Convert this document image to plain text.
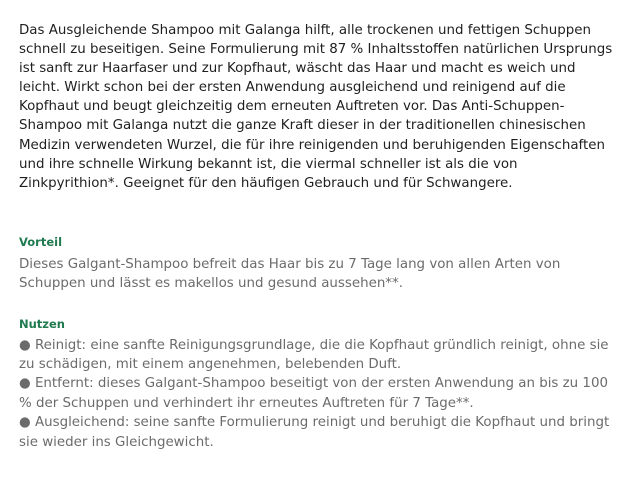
Das Ausgleichende Shampoo mit Galanga hilft, alle trockenen und fettigen Schuppen schnell zu beseitigen. Seine Formulierung mit 87 % Inhaltsstoffen natürlichen Ursprungs ist sanft zur Haarfaser und zur Kopfhaut, wäscht das Haar und macht es weich und leicht. Wirkt schon bei der ersten Anwendung ausgleichend und reinigend auf die Kopfhaut und beugt gleichzeitig dem erneuten Auftreten vor. Das Anti-Schuppen-Shampoo mit Galanga nutzt die ganze Kraft dieser in der traditionellen chinesischen Medizin verwendeten Wurzel, die für ihre reinigenden und beruhigenden Eigenschaften und ihre schnelle Wirkung bekannt ist, die viermal schneller ist als die von Zinkpyrithion*. Geeignet für den häufigen Gebrauch und für Schwangere.

Vorteil

Dieses Galgant-Shampoo befreit das Haar bis zu 7 Tage lang von allen Arten von Schuppen und lässt es makellos und gesund aussehen**.

Nutzen

● Reinigt: eine sanfte Reinigungsgrundlage, die die Kopfhaut gründlich reinigt, ohne sie zu schädigen, mit einem angenehmen, belebenden Duft.

● Entfernt: dieses Galgant-Shampoo beseitigt von der ersten Anwendung an bis zu 100 % der Schuppen und verhindert ihr erneutes Auftreten für 7 Tage**.

● Ausgleichend: seine sanfte Formulierung reinigt und beruhigt die Kopfhaut und bringt sie wieder ins Gleichgewicht.
